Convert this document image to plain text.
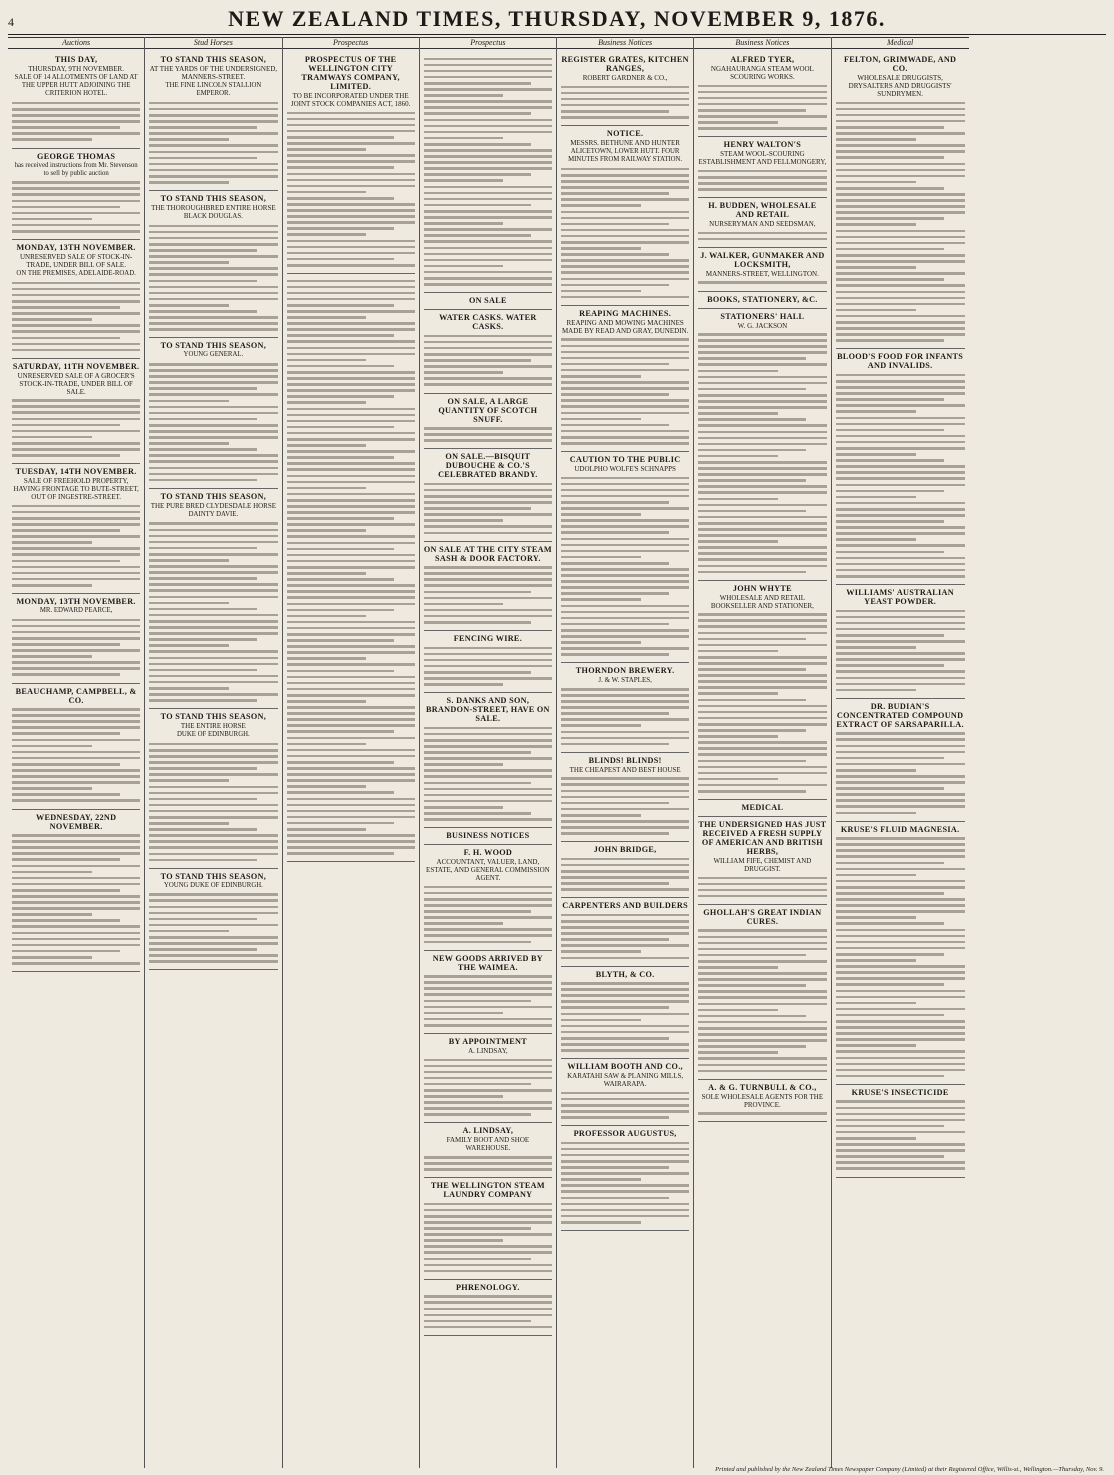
4	NEW ZEALAND TIMES, THURSDAY, NOVEMBER 9, 1876.
Auctions
THIS DAY,
THURSDAY, 9TH NOVEMBER.

SALE OF 14 ALLOTMENTS OF LAND AT THE UPPER HUTT ADJOINING THE CRITERION HOTEL.

GEORGE THOMAS

has received instructions from Mr. Stevenson to sell by public auction

MONDAY, 13TH NOVEMBER.
UNRESERVED SALE OF STOCK-IN-TRADE, UNDER BILL OF SALE.

ON THE PREMISES, ADELAIDE-ROAD.

SATURDAY, 11TH NOVEMBER.
UNRESERVED SALE OF A GROCER'S STOCK-IN-TRADE, UNDER BILL OF SALE.
TUESDAY, 14TH NOVEMBER.
SALE OF FREEHOLD PROPERTY, HAVING FRONTAGE TO BUTE-STREET, OUT OF INGESTRE-STREET.
MONDAY, 13TH NOVEMBER.

MR. EDWARD PEARCE,

BEAUCHAMP, CAMPBELL, & CO.
WEDNESDAY, 22ND NOVEMBER.
Stud Horses
TO STAND THIS SEASON,
AT THE YARDS OF THE UNDERSIGNED, MANNERS-STREET.

THE FINE LINCOLN STALLION EMPEROR.

TO STAND THIS SEASON,
THE THOROUGHBRED ENTIRE HORSE

BLACK DOUGLAS.

TO STAND THIS SEASON,

YOUNG GENERAL.

TO STAND THIS SEASON,
THE PURE BRED CLYDESDALE HORSE

DAINTY DAVIE.

TO STAND THIS SEASON,
THE ENTIRE HORSE

DUKE OF EDINBURGH.

TO STAND THIS SEASON,

YOUNG DUKE OF EDINBURGH.

Prospectus
PROSPECTUS OF THE WELLINGTON CITY TRAMWAYS COMPANY, LIMITED.
TO BE INCORPORATED UNDER THE JOINT STOCK COMPANIES ACT, 1860.
Prospectus
ON SALE
WATER CASKS. WATER CASKS.
ON SALE, A LARGE QUANTITY OF SCOTCH SNUFF.
ON SALE.—BISQUIT DUBOUCHE & CO.'S CELEBRATED BRANDY.
ON SALE AT THE CITY STEAM SASH & DOOR FACTORY.
FENCING WIRE.
S. DANKS AND SON, BRANDON-STREET, HAVE ON SALE.
BUSINESS NOTICES
F. H. WOOD
ACCOUNTANT, VALUER, LAND, ESTATE, AND GENERAL COMMISSION AGENT.
NEW GOODS ARRIVED BY THE WAIMEA.
BY APPOINTMENT
A. LINDSAY,
A. LINDSAY,
FAMILY BOOT AND SHOE WAREHOUSE.
THE WELLINGTON STEAM LAUNDRY COMPANY
PHRENOLOGY.
Business Notices
REGISTER GRATES, KITCHEN RANGES,
ROBERT GARDNER & CO.,
NOTICE.
MESSRS. BETHUNE AND HUNTER

ALICETOWN, LOWER HUTT. FOUR MINUTES FROM RAILWAY STATION.

REAPING MACHINES.
REAPING AND MOWING MACHINES MADE BY READ AND GRAY, DUNEDIN.
CAUTION TO THE PUBLIC
UDOLPHO WOLFE'S SCHNAPPS
THORNDON BREWERY.
J. & W. STAPLES,
BLINDS! BLINDS!
THE CHEAPEST AND BEST HOUSE
JOHN BRIDGE,
CARPENTERS AND BUILDERS
BLYTH, & CO.
WILLIAM BOOTH AND CO.,
KARATAHI SAW & PLANING MILLS, WAIRARAPA.
PROFESSOR AUGUSTUS,
Business Notices
ALFRED TYER,
NGAHAURANGA STEAM WOOL SCOURING WORKS.
HENRY WALTON'S
STEAM WOOL-SCOURING ESTABLISHMENT AND FELLMONGERY,
H. BUDDEN, WHOLESALE AND RETAIL
NURSERYMAN AND SEEDSMAN,
J. WALKER, GUNMAKER AND LOCKSMITH,
MANNERS-STREET, WELLINGTON.
BOOKS, STATIONERY, &C.
STATIONERS' HALL
W. G. JACKSON
JOHN WHYTE
WHOLESALE AND RETAIL BOOKSELLER AND STATIONER,
MEDICAL
THE UNDERSIGNED HAS JUST RECEIVED A FRESH SUPPLY OF AMERICAN AND BRITISH HERBS,
WILLIAM FIFE, CHEMIST AND DRUGGIST.
GHOLLAH'S GREAT INDIAN CURES.
A. & G. TURNBULL & CO.,
SOLE WHOLESALE AGENTS FOR THE PROVINCE.
Medical
FELTON, GRIMWADE, AND CO.
WHOLESALE DRUGGISTS, DRYSALTERS AND DRUGGISTS' SUNDRYMEN.
BLOOD'S FOOD FOR INFANTS AND INVALIDS.
WILLIAMS' AUSTRALIAN YEAST POWDER.
DR. BUDIAN'S CONCENTRATED COMPOUND EXTRACT OF SARSAPARILLA.
KRUSE'S FLUID MAGNESIA.
KRUSE'S INSECTICIDE
Printed and published by the New Zealand Times Newspaper Company (Limited) at their Registered Office, Willis-st., Wellington.—Thursday, Nov. 9.
